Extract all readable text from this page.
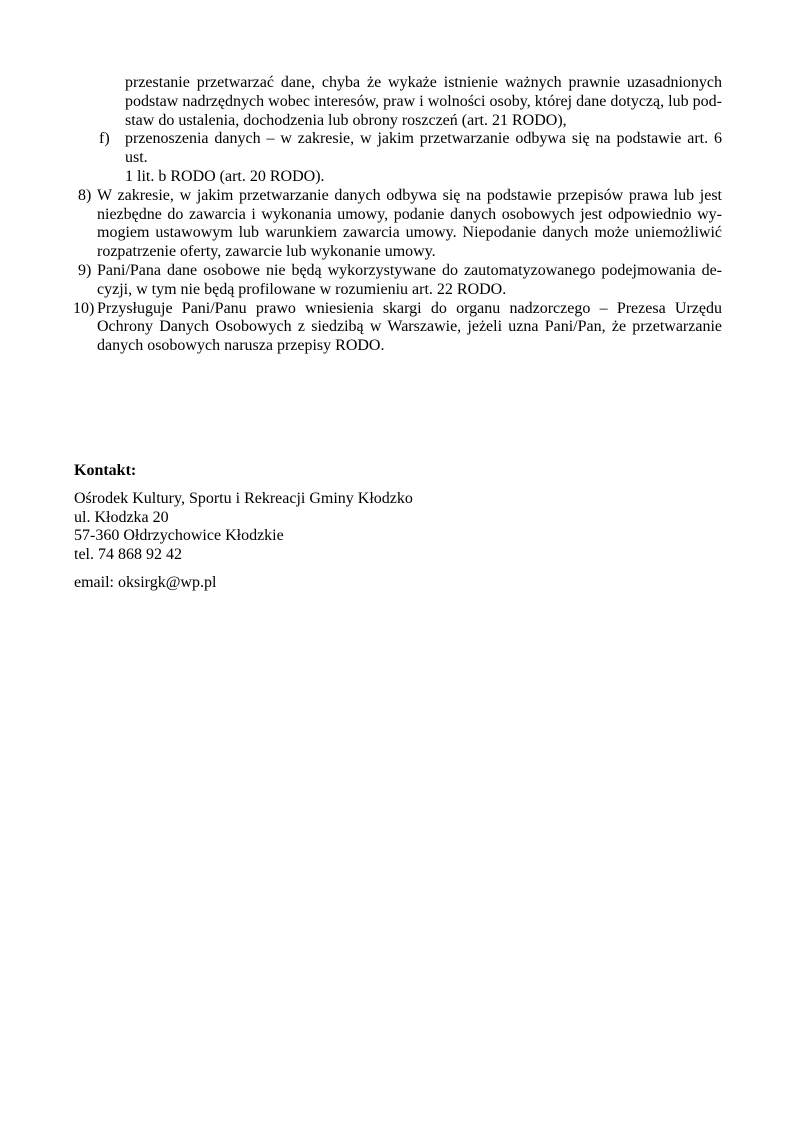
przestanie przetwarzać dane, chyba że wykaże istnienie ważnych prawnie uzasadnionych
podstaw nadrzędnych wobec interesów, praw i wolności osoby, której dane dotyczą, lub pod-
staw do ustalenia, dochodzenia lub obrony roszczeń (art. 21 RODO),
f) przenoszenia danych – w zakresie, w jakim przetwarzanie odbywa się na podstawie art. 6 ust.
1 lit. b RODO (art. 20 RODO).
8) W zakresie, w jakim przetwarzanie danych odbywa się na podstawie przepisów prawa lub jest
niezbędne do zawarcia i wykonania umowy, podanie danych osobowych jest odpowiednio wy-
mogiem ustawowym lub warunkiem zawarcia umowy. Niepodanie danych może uniemożliwić
rozpatrzenie oferty, zawarcie lub wykonanie umowy.
9) Pani/Pana dane osobowe nie będą wykorzystywane do zautomatyzowanego podejmowania de-
cyzji, w tym nie będą profilowane w rozumieniu art. 22 RODO.
10) Przysługuje Pani/Panu prawo wniesienia skargi do organu nadzorczego – Prezesa Urzędu
Ochrony Danych Osobowych z siedzibą w Warszawie, jeżeli uzna Pani/Pan, że przetwarzanie
danych osobowych narusza przepisy RODO.
Kontakt:
Ośrodek Kultury, Sportu i Rekreacji Gminy Kłodzko
ul. Kłodzka 20
57-360 Ołdrzychowice Kłodzkie
tel. 74 868 92 42
email: oksirgk@wp.pl
